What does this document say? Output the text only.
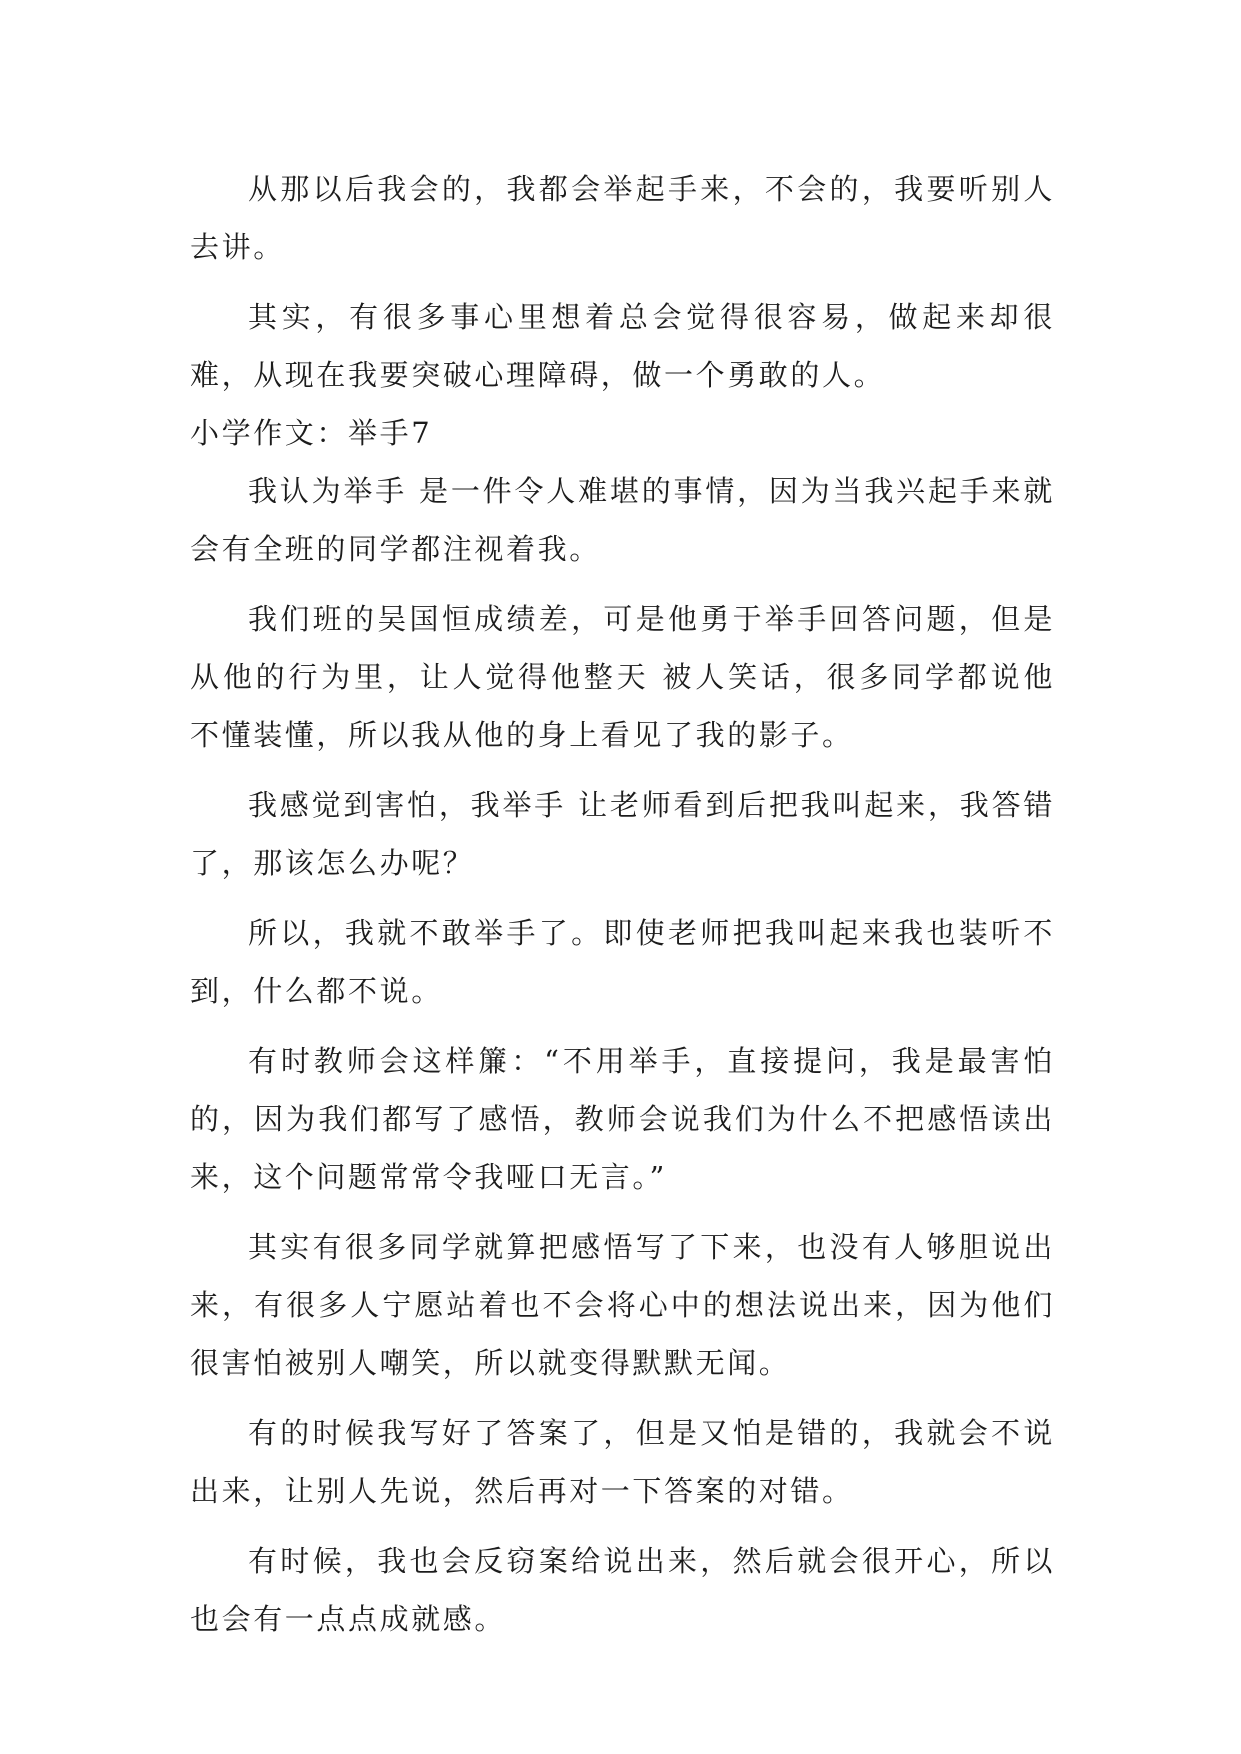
从那以后我会的，我都会举起手来，不会的，我要听别人去讲。

其实，有很多事心里想着总会觉得很容易，做起来却很难，从现在我要突破心理障碍，做一个勇敢的人。

小学作文：举手7

我认为举手 是一件令人难堪的事情，因为当我兴起手来就会有全班的同学都注视着我。

我们班的吴国恒成绩差，可是他勇于举手回答问题，但是从他的行为里，让人觉得他整天 被人笑话，很多同学都说他不懂装懂，所以我从他的身上看见了我的影子。

我感觉到害怕，我举手 让老师看到后把我叫起来，我答错了，那该怎么办呢？

所以，我就不敢举手了。即使老师把我叫起来我也装听不到，什么都不说。

有时教师会这样簾：“不用举手，直接提问，我是最害怕的，因为我们都写了感悟，教师会说我们为什么不把感悟读出来，这个问题常常令我哑口无言。”

其实有很多同学就算把感悟写了下来，也没有人够胆说出来，有很多人宁愿站着也不会将心中的想法说出来，因为他们很害怕被别人嘲笑，所以就变得默默无闻。

有的时候我写好了答案了，但是又怕是错的，我就会不说出来，让别人先说，然后再对一下答案的对错。

有时候，我也会反窃案给说出来，然后就会很开心，所以也会有一点点成就感。
